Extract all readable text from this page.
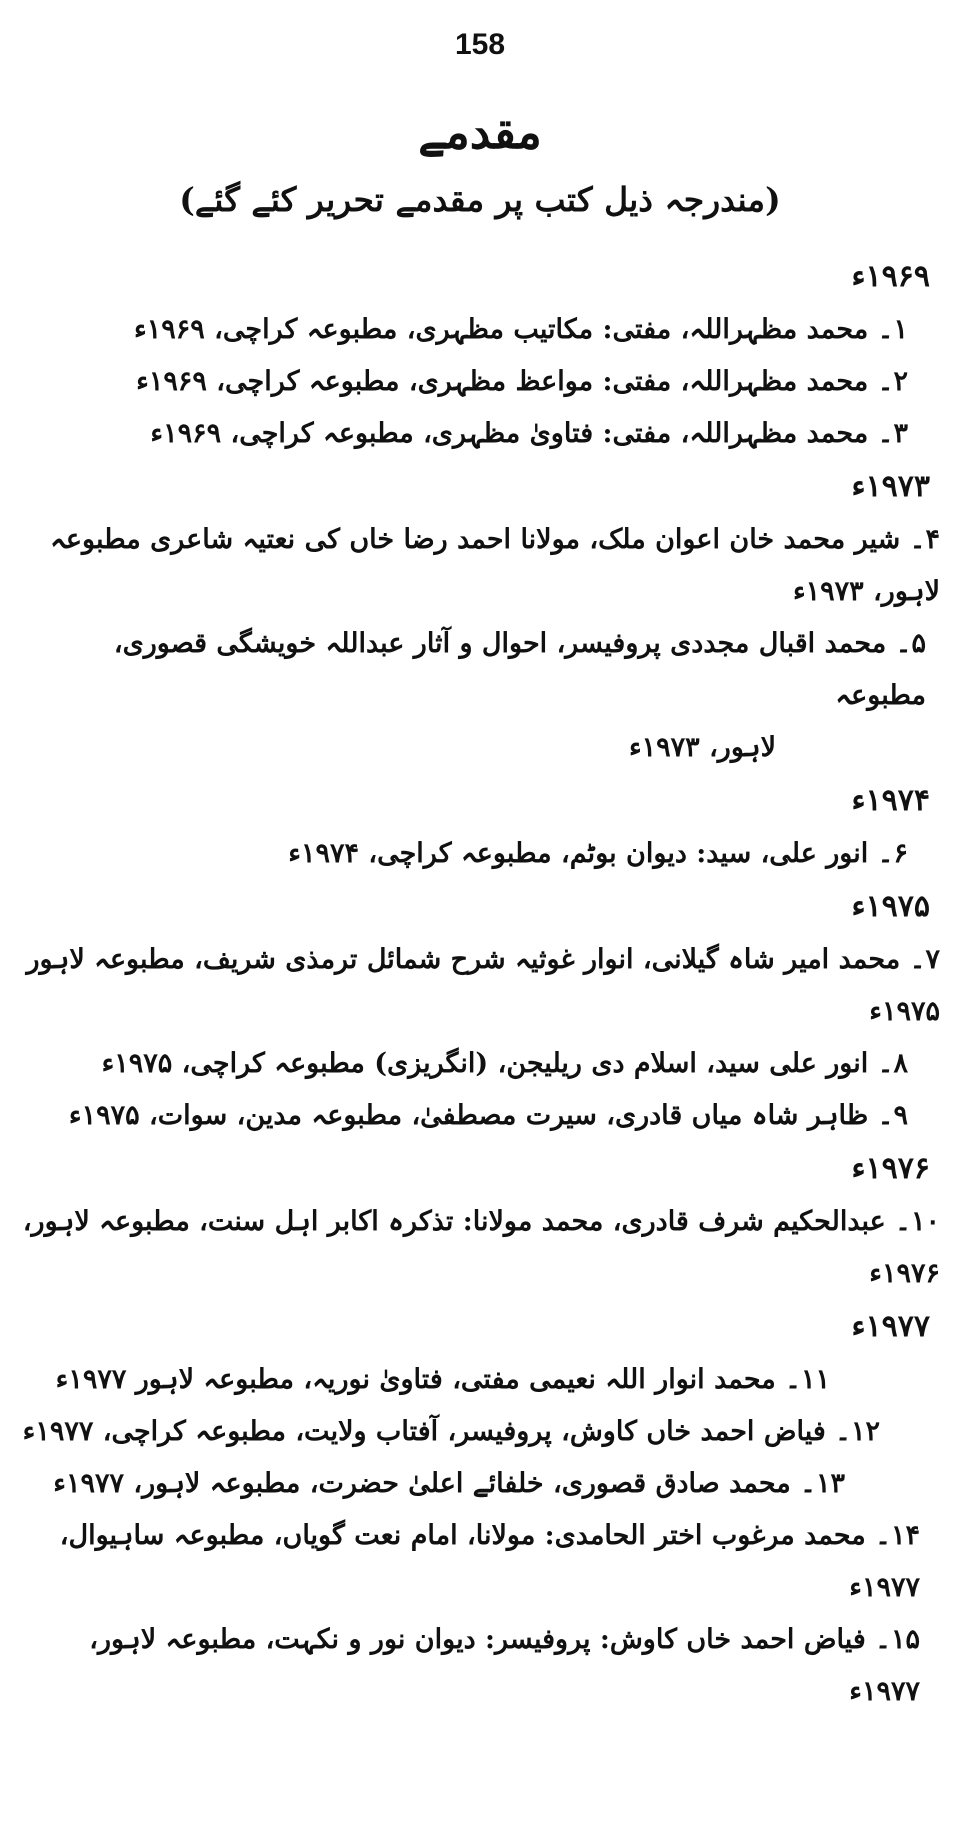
158
مقدمے
(مندرجہ ذیل کتب پر مقدمے تحریر کئے گئے)
۱۹۶۹ء
۱۔ محمد مظہراللہ، مفتی: مکاتیب مظہری، مطبوعہ کراچی، ۱۹۶۹ء
۲۔ محمد مظہراللہ، مفتی: مواعظ مظہری، مطبوعہ کراچی، ۱۹۶۹ء
۳۔ محمد مظہراللہ، مفتی: فتاویٰ مظہری، مطبوعہ کراچی، ۱۹۶۹ء
۱۹۷۳ء
۴۔ شیر محمد خان اعوان ملک، مولانا احمد رضا خاں کی نعتیہ شاعری مطبوعہ لاہور، ۱۹۷۳ء
۵۔ محمد اقبال مجددی پروفیسر، احوال و آثار عبداللہ خویشگی قصوری، مطبوعہ
لاہور، ۱۹۷۳ء
۱۹۷۴ء
۶۔ انور علی، سید: دیوان بوٹم، مطبوعہ کراچی، ۱۹۷۴ء
۱۹۷۵ء
۷۔ محمد امیر شاہ گیلانی، انوار غوثیہ شرح شمائل ترمذی شریف، مطبوعہ لاہور ۱۹۷۵ء
۸۔ انور علی سید، اسلام دی ریلیجن، (انگریزی) مطبوعہ کراچی، ۱۹۷۵ء
۹۔ ظاہر شاہ میاں قادری، سیرت مصطفیٰ، مطبوعہ مدین، سوات، ۱۹۷۵ء
۱۹۷۶ء
۱۰۔ عبدالحکیم شرف قادری، محمد مولانا: تذکرہ اکابر اہل سنت، مطبوعہ لاہور، ۱۹۷۶ء
۱۹۷۷ء
۱۱۔ محمد انوار اللہ نعیمی مفتی، فتاویٰ نوریہ، مطبوعہ لاہور ۱۹۷۷ء
۱۲۔ فیاض احمد خاں کاوش، پروفیسر، آفتاب ولایت، مطبوعہ کراچی، ۱۹۷۷ء
۱۳۔ محمد صادق قصوری، خلفائے اعلیٰ حضرت، مطبوعہ لاہور، ۱۹۷۷ء
۱۴۔ محمد مرغوب اختر الحامدی: مولانا، امام نعت گویاں، مطبوعہ ساہیوال، ۱۹۷۷ء
۱۵۔ فیاض احمد خاں کاوش: پروفیسر: دیوان نور و نکہت، مطبوعہ لاہور، ۱۹۷۷ء
